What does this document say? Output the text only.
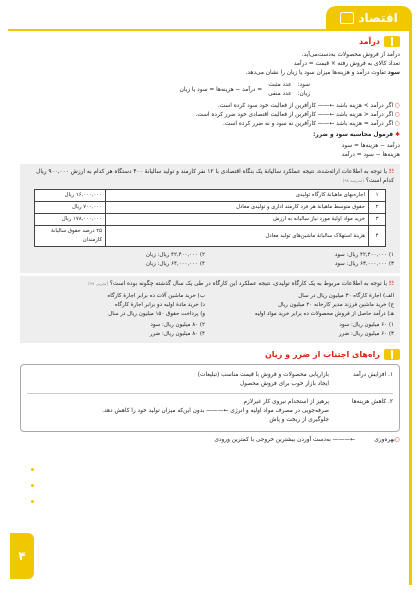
اقتصاد
۴
درآمد
درآمد از فروش محصولات به‌دست‌می‌آید.
تعداد کالای به فروش رفته × قیمت = درآمد
سود تفاوت درآمد و هزینه‌ها میزان سود یا زیان را نشان می‌دهد.
سود:
زیان:
عدد مثبت
عدد منفی
= درآمد − هزینه‌ها = سود یا زیان
○ اگر درآمد > هزینه باشد ←—— کارآفرین از فعالیت خود سود کرده است.
○ اگر درآمد < هزینه باشد ←—— کارآفرین از فعالیت اقتصادی خود ضرر کرده است.
○ اگر درآمد = هزینه باشد ←—— کارآفرین نه سود و نه ضرر کرده است.
✱ فرمول محاسبه سود و ضرر:
درآمد − هزینه‌ها = سود
هزینه‌ها − سود = درآمد
☷ با توجه به اطلاعات ارائه‌شده، نتیجه عملکرد سالیانهٔ یک بنگاه اقتصادی با ۱۲ نفر کارمند و تولید سالیانهٔ ۴۰۰ دستگاه هر کدام به ارزش ۹۰۰,۰۰۰ ریال کدام است؟ (مدرسه ۹۸)
۱	اجاره‌بهای ماهیانهٔ کارگاه تولیدی	۱۶,۰۰۰,۰۰۰ ریال
۲	حقوق متوسط ماهیانهٔ هر فرد کارمند اداری و تولیدی معادل	۷۰۰,۰۰۰ ریال
۳	خرید مواد اولیهٔ مورد نیاز سالیانه به ارزش	۱۷۸,۰۰۰,۰۰۰ ریال
۴	هزینهٔ استهلاک سالیانهٔ ماشین‌های تولید معادل	۲۵ درصد حقوق سالیانهٔ کارمندان
۱) ۴۲,۴۰۰,۰۰۰ ریال: سود
۲) ۴۲,۴۰۰,۰۰۰ ریال: زیان
۳) ۶۳,۰۰۰,۰۰۰ ریال: سود
۴) ۶۴,۰۰۰,۰۰۰ ریال: زیان
☷ با توجه به اطلاعات مربوط به یک کارگاه تولیدی، نتیجه عملکرد این کارگاه در طی یک سال گذشته چگونه بوده است؟ (تجربی ۹۹)
الف) اجارهٔ کارگاه ۳۰ میلیون ریال در سال
ب) خرید ماشین آلات ده برابر اجارهٔ کارگاه
ج) خرید ماشین فرزند مدیر کارخانه ۲۰ میلیون ریال
د) خرید مادهٔ اولیه دو برابر اجارهٔ کارگاه
هـ) درآمد حاصل از فروش محصولات ده برابر خرید مواد اولیه
و) پرداخت حقوق ۱۵۰ میلیون ریال در سال
۱) ۶۰ میلیون ریال: سود
۲) ۸۰ میلیون ریال: سود
۳) ۶۰ میلیون ریال: ضرر
۴) ۸۰ میلیون ریال: ضرر
راه‌های اجتناب از ضرر و زیان
۱. افزایش درآمد
بازاریابی محصولات و فروش با قیمت مناسب (تبلیغات)
ایجاد بازار خوب برای فروش محصول
۲. کاهش هزینه‌ها
پرهیز از استخدام نیروی کار غیرلازم
صرفه‌جویی در مصرف مواد اولیه و انرژی ←——— بدون این‌که میزان تولید خود را کاهش دهد.
جلوگیری از ریخت و پاش
○
بهره‌وری
←——— به‌دست آوردن بیشترین خروجی با کمترین ورودی
